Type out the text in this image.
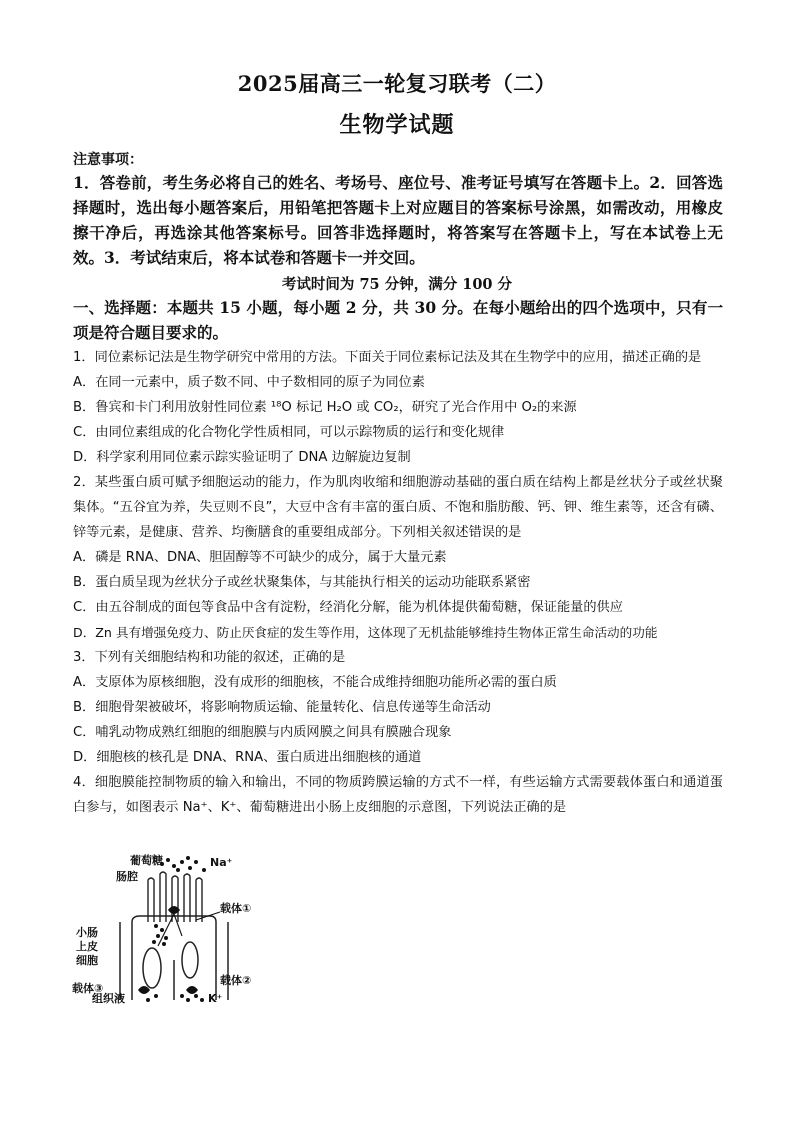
2025届高三一轮复习联考（二）
生物学试题
注意事项：
1．答卷前，考生务必将自己的姓名、考场号、座位号、准考证号填写在答题卡上。2．回答选择题时，选出每小题答案后，用铅笔把答题卡上对应题目的答案标号涂黑，如需改动，用橡皮擦干净后，再选涂其他答案标号。回答非选择题时，将答案写在答题卡上，写在本试卷上无效。3．考试结束后，将本试卷和答题卡一并交回。
考试时间为 75 分钟，满分 100 分
一、选择题：本题共 15 小题，每小题 2 分，共 30 分。在每小题给出的四个选项中，只有一项是符合题目要求的。
1．同位素标记法是生物学研究中常用的方法。下面关于同位素标记法及其在生物学中的应用，描述正确的是
A．在同一元素中，质子数不同、中子数相同的原子为同位素
B．鲁宾和卡门利用放射性同位素 ¹⁸O 标记 H₂O 或 CO₂，研究了光合作用中 O₂的来源
C．由同位素组成的化合物化学性质相同，可以示踪物质的运行和变化规律
D．科学家利用同位素示踪实验证明了 DNA 边解旋边复制
2．某些蛋白质可赋予细胞运动的能力，作为肌肉收缩和细胞游动基础的蛋白质在结构上都是丝状分子或丝状聚集体。“五谷宜为养，失豆则不良”，大豆中含有丰富的蛋白质、不饱和脂肪酸、钙、钾、维生素等，还含有磷、锌等元素，是健康、营养、均衡膳食的重要组成部分。下列相关叙述错误的是
A．磷是 RNA、DNA、胆固醇等不可缺少的成分，属于大量元素
B．蛋白质呈现为丝状分子或丝状聚集体，与其能执行相关的运动功能联系紧密
C．由五谷制成的面包等食品中含有淀粉，经消化分解，能为机体提供葡萄糖，保证能量的供应
D．Zn 具有增强免疫力、防止厌食症的发生等作用，这体现了无机盐能够维持生物体正常生命活动的功能
3．下列有关细胞结构和功能的叙述，正确的是
A．支原体为原核细胞，没有成形的细胞核，不能合成维持细胞功能所必需的蛋白质
B．细胞骨架被破坏，将影响物质运输、能量转化、信息传递等生命活动
C．哺乳动物成熟红细胞的细胞膜与内质网膜之间具有膜融合现象
D．细胞核的核孔是 DNA、RNA、蛋白质进出细胞核的通道
4．细胞膜能控制物质的输入和输出，不同的物质跨膜运输的方式不一样，有些运输方式需要载体蛋白和通道蛋白参与，如图表示 Na⁺、K⁺、葡萄糖进出小肠上皮细胞的示意图，下列说法正确的是
葡萄糖	Na⁺
肠腔
载体①
小肠
上皮
细胞
载体③
载体②
组织液	K⁺
